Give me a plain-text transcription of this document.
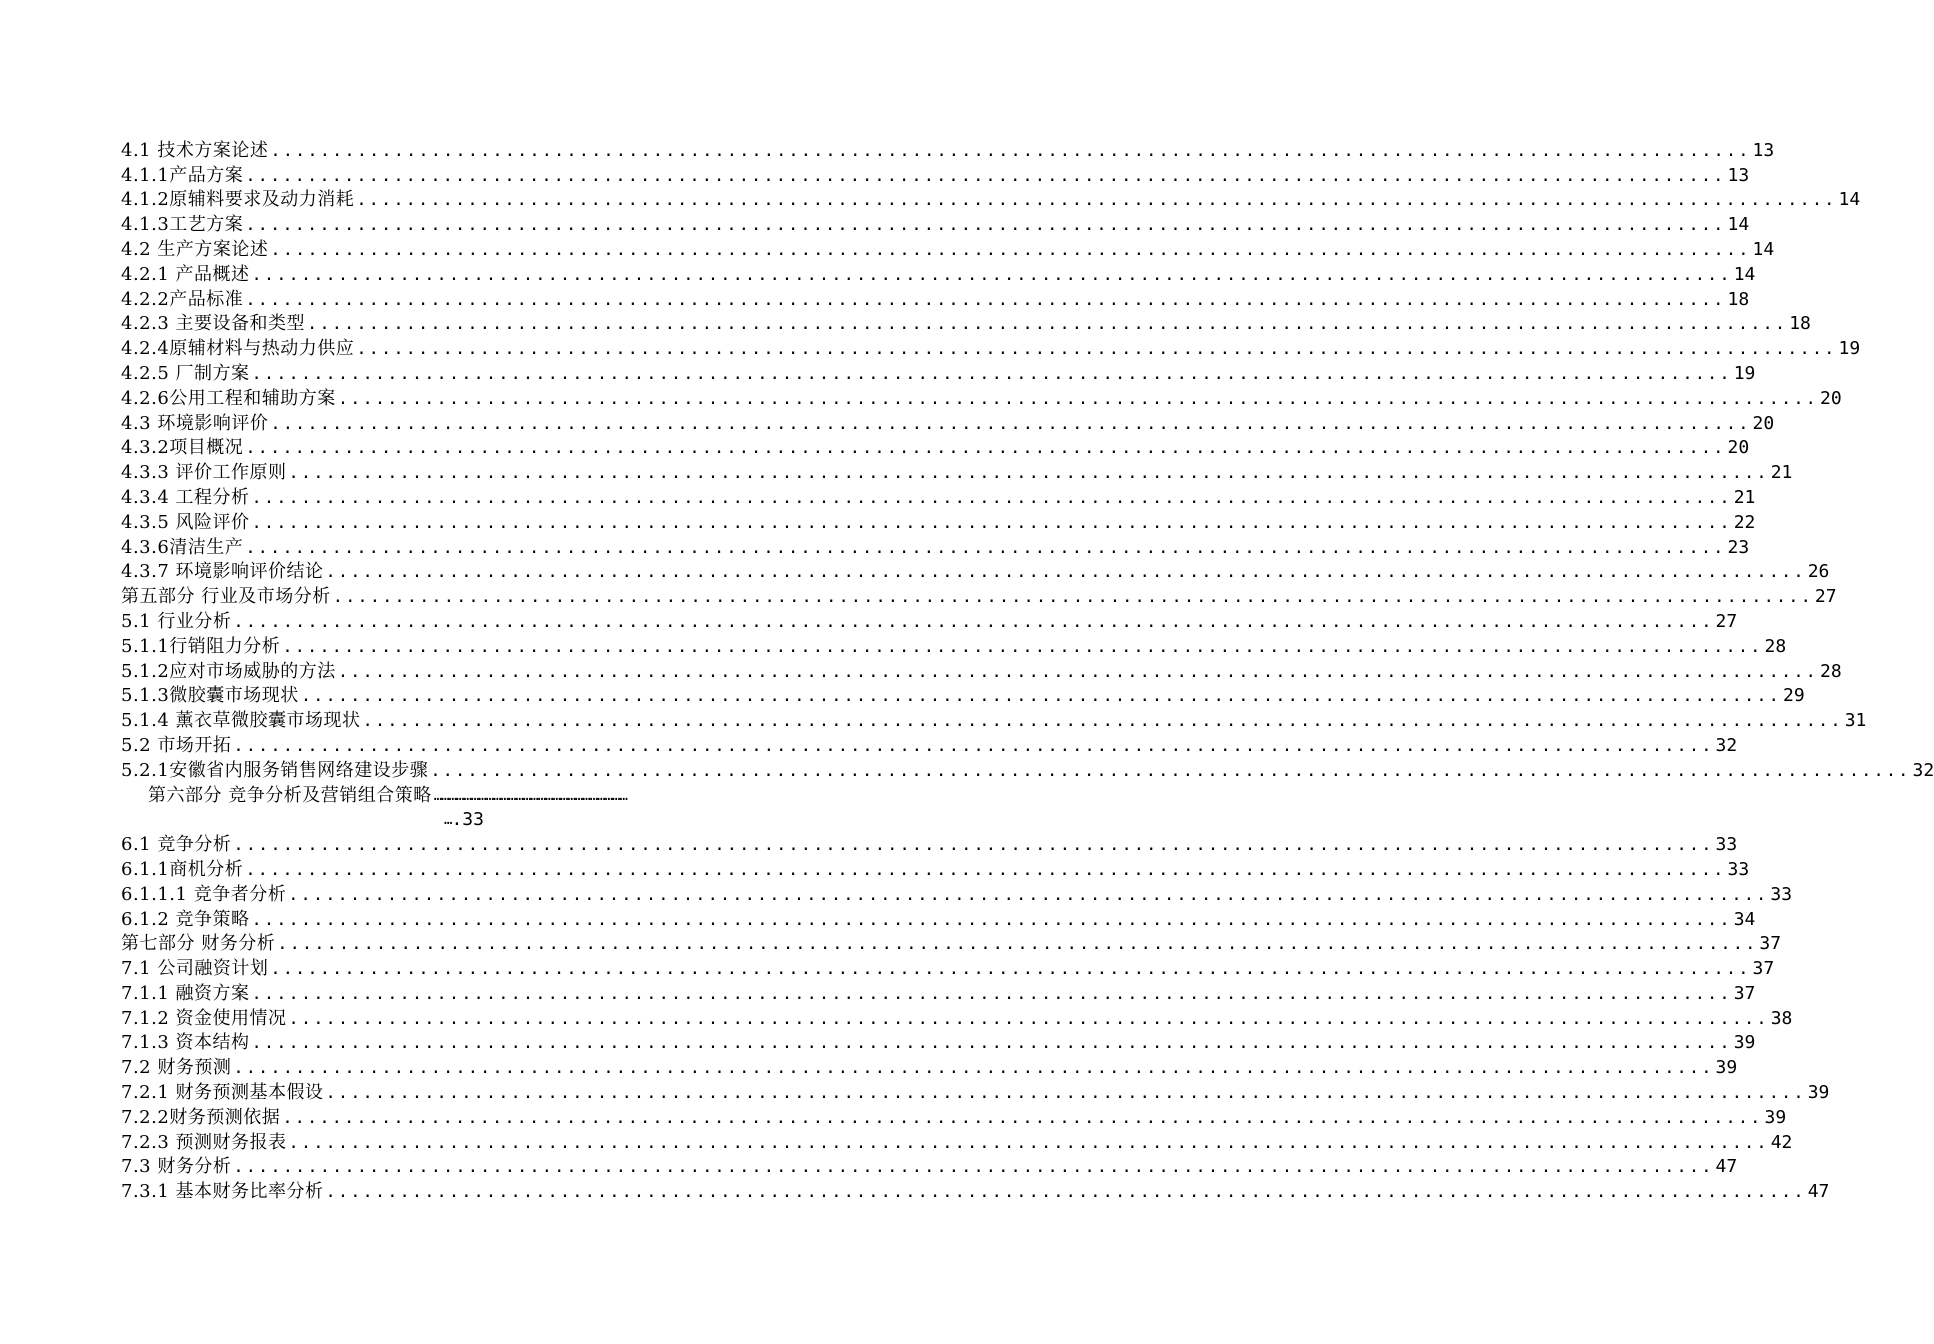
4.1 技术方案论述 ........................................................................................................................ 13
4.1.1产品方案 ........................................................................................................................ 13
4.1.2原辅料要求及动力消耗 ........................................................................................................................ 14
4.1.3工艺方案 ........................................................................................................................ 14
4.2 生产方案论述 ........................................................................................................................ 14
4.2.1 产品概述 ........................................................................................................................ 14
4.2.2产品标准 ........................................................................................................................ 18
4.2.3 主要设备和类型 ........................................................................................................................ 18
4.2.4原辅材料与热动力供应 ........................................................................................................................ 19
4.2.5 厂制方案 ........................................................................................................................ 19
4.2.6公用工程和辅助方案 ........................................................................................................................ 20
4.3 环境影响评价 ........................................................................................................................ 20
4.3.2项目概况 ........................................................................................................................ 20
4.3.3 评价工作原则 ........................................................................................................................ 21
4.3.4 工程分析 ........................................................................................................................ 21
4.3.5 风险评价 ........................................................................................................................ 22
4.3.6清洁生产 ........................................................................................................................ 23
4.3.7 环境影响评价结论 ........................................................................................................................ 26
第五部分 行业及市场分析 ........................................................................................................................ 27
5.1 行业分析 ........................................................................................................................ 27
5.1.1行销阻力分析 ........................................................................................................................ 28
5.1.2应对市场威胁的方法 ........................................................................................................................ 28
5.1.3微胶囊市场现状 ........................................................................................................................ 29
5.1.4 薰衣草微胶囊市场现状 ........................................................................................................................ 31
5.2 市场开拓 ........................................................................................................................ 32
5.2.1安徽省内服务销售网络建设步骤 ........................................................................................................................ 32
第六部分 竞争分析及营销组合策略 ……………………………………………………………………
… .33
6.1 竞争分析 ........................................................................................................................ 33
6.1.1商机分析 ........................................................................................................................ 33
6.1.1.1 竞争者分析 ........................................................................................................................ 33
6.1.2 竞争策略 ........................................................................................................................ 34
第七部分 财务分析 ........................................................................................................................ 37
7.1 公司融资计划 ........................................................................................................................ 37
7.1.1 融资方案 ........................................................................................................................ 37
7.1.2 资金使用情况 ........................................................................................................................ 38
7.1.3 资本结构 ........................................................................................................................ 39
7.2 财务预测 ........................................................................................................................ 39
7.2.1 财务预测基本假设 ........................................................................................................................ 39
7.2.2财务预测依据 ........................................................................................................................ 39
7.2.3 预测财务报表 ........................................................................................................................ 42
7.3 财务分析 ........................................................................................................................ 47
7.3.1 基本财务比率分析 ........................................................................................................................ 47
